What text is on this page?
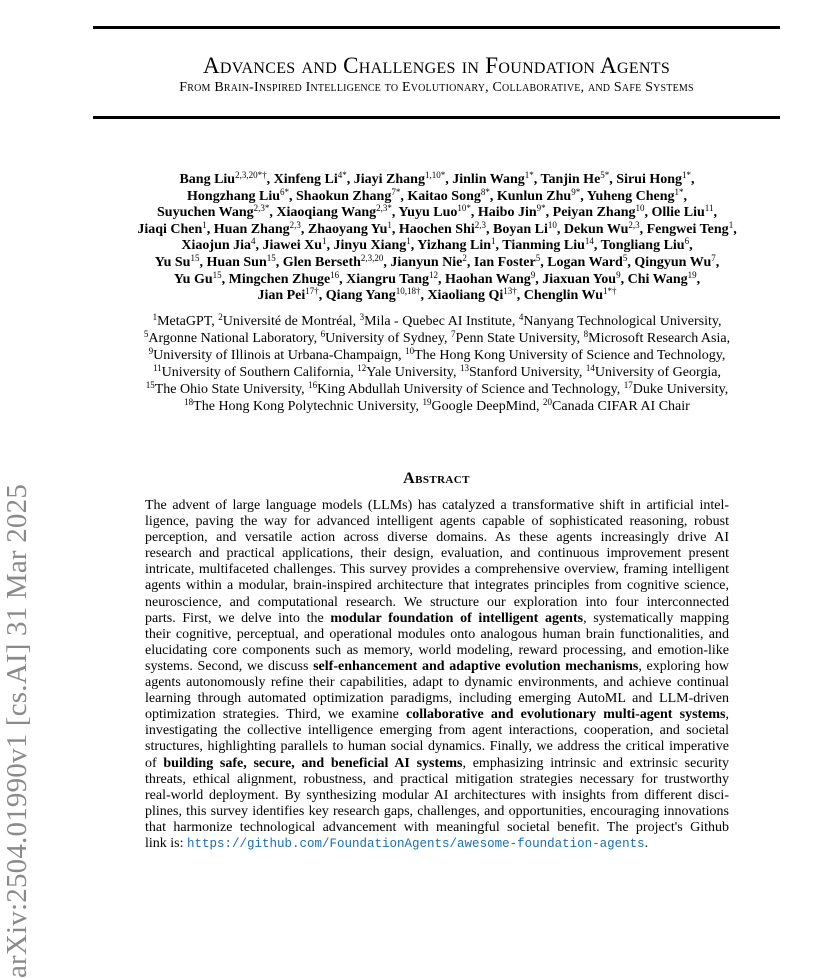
Advances and Challenges in Foundation Agents
From Brain-Inspired Intelligence to Evolutionary, Collaborative, and Safe Systems
arXiv:2504.01990v1 [cs.AI] 31 Mar 2025
Bang Liu$^{2,3,20*\dagger}$, Xinfeng $Li^{4*}$, Jiayi Zhang$^{1,10*}$, Jinlin Wang$^{1*}$, Tanjin $He^{5*}$, Sirui Hong$^{1*}$,
Hongzhang Liu$^{6*}$, Shaokun Zhang$^{7*}$, Kaitao Song$^{8*}$, Kunlun Zhu$^{9*}$, Yuheng Cheng$^{1*}$,
Suyuchen Wang$^{2,3*}$, Xiaoqiang Wang$^{2,3*}$, Yuyu Luo$^{10*}$, Haibo Jin$^{9*}$, Peiyan Zhang$^{10}$, Ollie Liu$^{11}$,
Jiaqi Chen$^1$, Huan Zhang$^{2,3}$, Zhaoyang Yu$^1$, Haochen Shi$^{2,3}$, Boyan Li$^{10}$, Dekun Wu$^{2,3}$, Fengwei Teng$^1$,
Xiaojun Jia$^4$, Jiawei Xu$^1$, Jinyu Xiang$^1$, Yizhang Lin$^1$, Tianming Liu$^{14}$, Tongliang Liu$^6$,
Yu Su$^{15}$, Huan Sun$^{15}$, Glen Berseth$^{2,3,20}$, Jianyun Nie$^2$, Ian Foster$^5$, Logan Ward$^5$, Qingyun Wu$^7$,
Yu Gu$^{15}$, Mingchen Zhuge$^{16}$, Xiangru Tang$^{12}$, Haohan Wang$^9$, Jiaxuan You$^9$, Chi Wang$^{19}$,
Jian Pei$^{17\dagger}$, Qiang Yang$^{10,18\dagger}$, Xiaoliang $Qi^{13\dagger}$, Chenglin $Wu^{1*\dagger}$
$^1$MetaGPT, $^2$Université de Montréal, $^3$Mila - Quebec AI Institute, $^4$Nanyang Technological University,
$^5$Argonne National Laboratory, $^6$University of Sydney, $^7$Penn State University, $^8$Microsoft Research Asia,
$^9$University of Illinois at Urbana-Champaign, $^{10}$The Hong Kong University of Science and Technology,
$^{11}$University of Southern California, $^{12}$Yale University, $^{13}$Stanford University, $^{14}$University of Georgia,
$^{15}$The Ohio State University, $^{16}$King Abdullah University of Science and Technology, $^{17}$Duke University,
$^{18}$The Hong Kong Polytechnic University, $^{19}$Google DeepMind, $^{20}$Canada CIFAR AI Chair
Abstract
The advent of large language models (LLMs) has catalyzed a transformative shift in artificial intel-
ligence, paving the way for advanced intelligent agents capable of sophisticated reasoning, robust
perception, and versatile action across diverse domains. As these agents increasingly drive AI
research and practical applications, their design, evaluation, and continuous improvement present
intricate, multifaceted challenges. This survey provides a comprehensive overview, framing intelligent
agents within a modular, brain-inspired architecture that integrates principles from cognitive science,
neuroscience, and computational research. We structure our exploration into four interconnected
parts. First, we delve into the modular foundation of intelligent agents, systematically mapping
their cognitive, perceptual, and operational modules onto analogous human brain functionalities, and
elucidating core components such as memory, world modeling, reward processing, and emotion-like
systems. Second, we discuss self-enhancement and adaptive evolution mechanisms, exploring how
agents autonomously refine their capabilities, adapt to dynamic environments, and achieve continual
learning through automated optimization paradigms, including emerging AutoML and LLM-driven
optimization strategies. Third, we examine collaborative and evolutionary multi-agent systems,
investigating the collective intelligence emerging from agent interactions, cooperation, and societal
structures, highlighting parallels to human social dynamics. Finally, we address the critical imperative
of building safe, secure, and beneficial AI systems, emphasizing intrinsic and extrinsic security
threats, ethical alignment, robustness, and practical mitigation strategies necessary for trustworthy
real-world deployment. By synthesizing modular AI architectures with insights from different disci-
plines, this survey identifies key research gaps, challenges, and opportunities, encouraging innovations
that harmonize technological advancement with meaningful societal benefit. The project's Github
link is: https://github.com/FoundationAgents/awesome-foundation-agents.
